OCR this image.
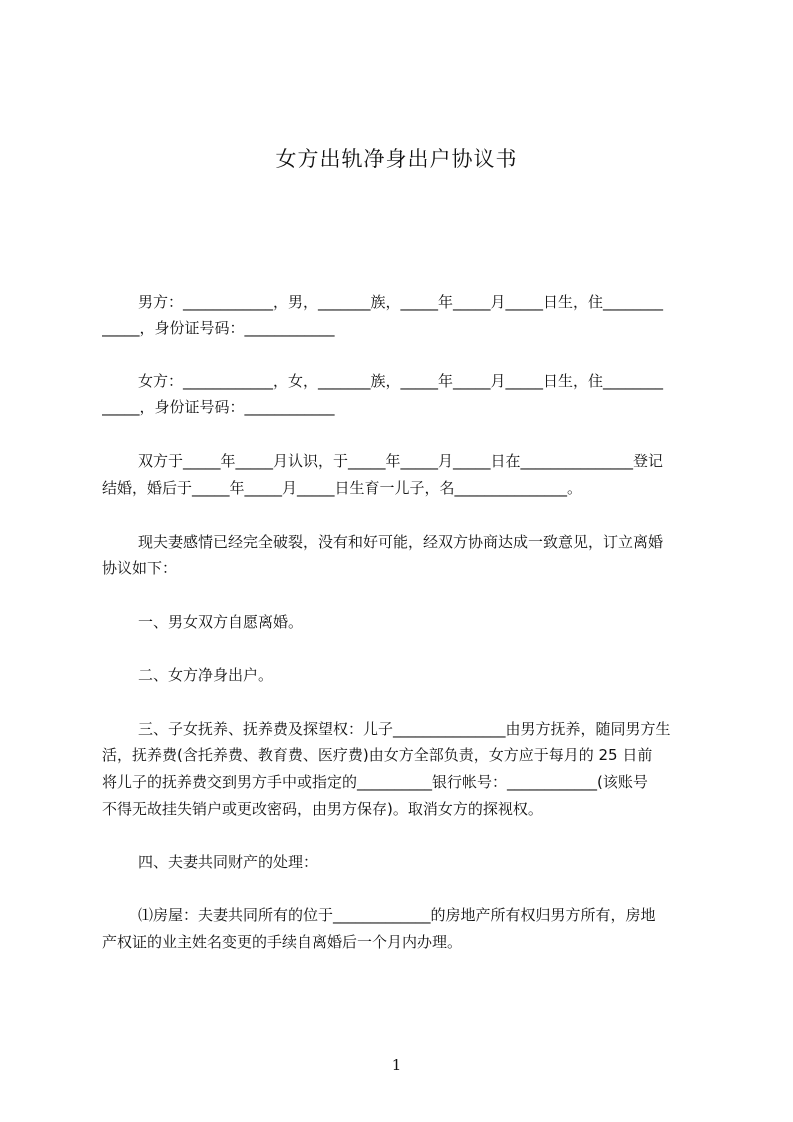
女方出轨净身出户协议书
男方：____________，男，_______族，_____年_____月_____日生，住________
_____，身份证号码：____________
女方：____________，女，_______族，_____年_____月_____日生，住________
_____，身份证号码：____________
双方于_____年_____月认识，于_____年_____月_____日在_______________登记
结婚，婚后于_____年_____月_____日生育一儿子，名_______________。
现夫妻感情已经完全破裂，没有和好可能，经双方协商达成一致意见，订立离婚
协议如下：
一、男女双方自愿离婚。
二、女方净身出户。
三、子女抚养、抚养费及探望权：儿子_______________由男方抚养，随同男方生
活，抚养费(含托养费、教育费、医疗费)由女方全部负责，女方应于每月的 25 日前
将儿子的抚养费交到男方手中或指定的__________银行帐号：____________(该账号
不得无故挂失销户或更改密码，由男方保存)。取消女方的探视权。
四、夫妻共同财产的处理：
⑴房屋：夫妻共同所有的位于_____________的房地产所有权归男方所有，房地
产权证的业主姓名变更的手续自离婚后一个月内办理。
1
